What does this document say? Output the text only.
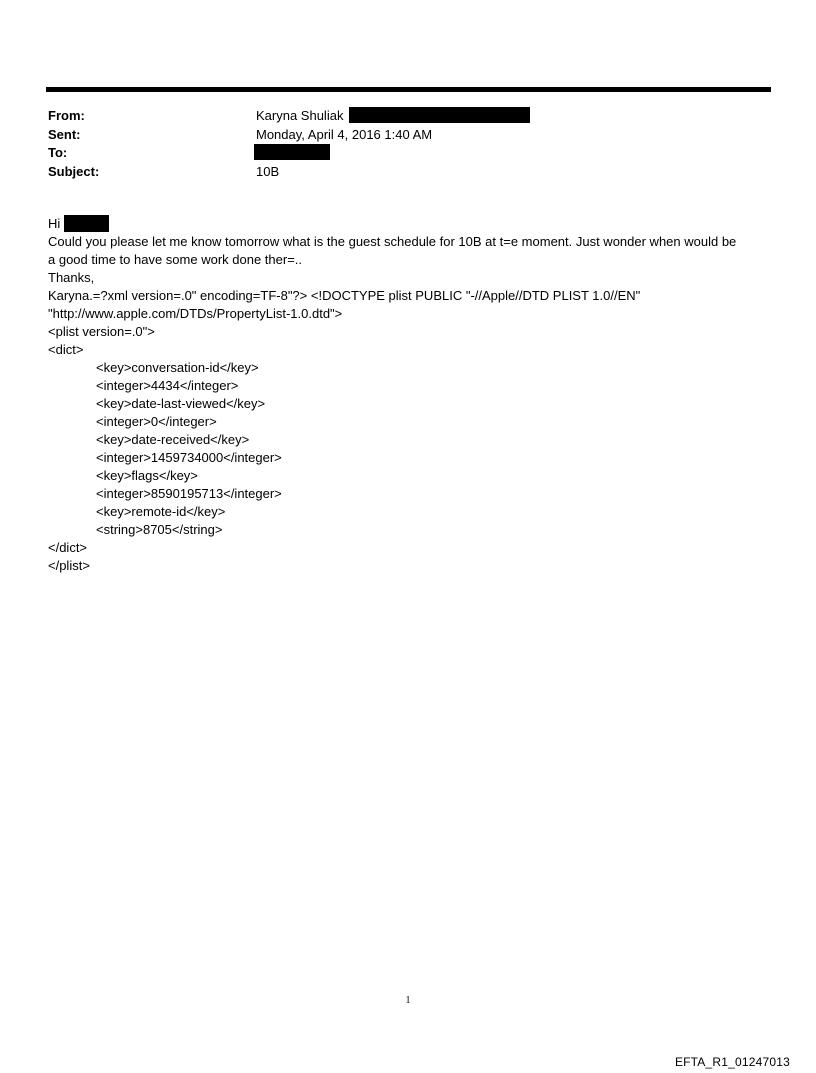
From:	Karyna Shuliak
Sent:	Monday, April 4, 2016 1:40 AM
To:
Subject:	10B
Hi
Could you please let me know tomorrow what is the guest schedule for 10B at t=e moment. Just wonder when would be
a good time to have some work done ther=..
Thanks,
Karyna.=?xml version=.0" encoding=TF-8"?> <!DOCTYPE plist PUBLIC "-//Apple//DTD PLIST 1.0//EN"
"http://www.apple.com/DTDs/PropertyList-1.0.dtd">
<plist version=.0">
<dict>
<key>conversation-id</key>
<integer>4434</integer>
<key>date-last-viewed</key>
<integer>0</integer>
<key>date-received</key>
<integer>1459734000</integer>
<key>flags</key>
<integer>8590195713</integer>
<key>remote-id</key>
<string>8705</string>
</dict>
</plist>
1
EFTA_R1_01247013
